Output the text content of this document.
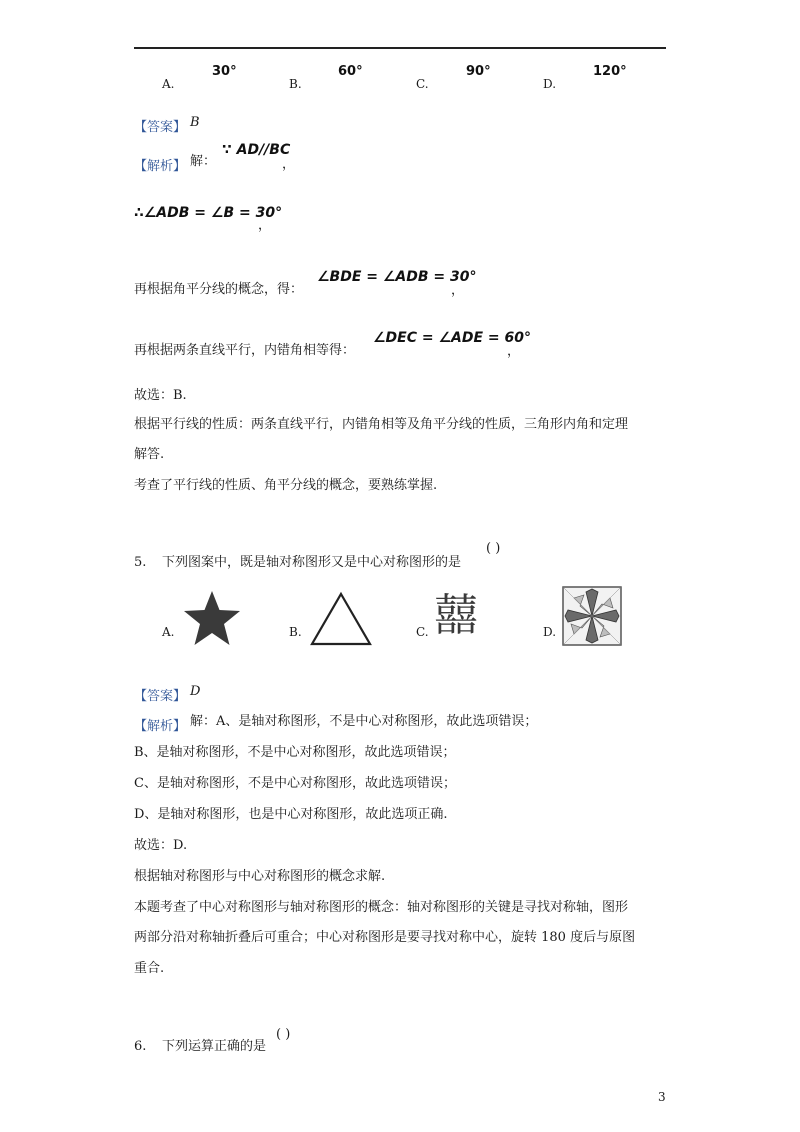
A.
30°
B.
60°
C.
90°
D.
120°
【答案】 B
【解析】 解：
∵ AD//BC
，
∴∠ADB = ∠B = 30°
，
再根据角平分线的概念，得：
∠BDE = ∠ADB = 30°
，
再根据两条直线平行，内错角相等得：
∠DEC = ∠ADE = 60°
，
故选：B.
根据平行线的性质：两条直线平行，内错角相等及角平分线的性质，三角形内角和定理
解答.
考查了平行线的性质、角平分线的概念，要熟练掌握.
5. 下列图案中，既是轴对称图形又是中心对称图形的是
( )
A.	B.	C. 囍	D.
【答案】 D
【解析】 解：A、是轴对称图形，不是中心对称图形，故此选项错误；
B、是轴对称图形，不是中心对称图形，故此选项错误；
C、是轴对称图形，不是中心对称图形，故此选项错误；
D、是轴对称图形，也是中心对称图形，故此选项正确.
故选：D.
根据轴对称图形与中心对称图形的概念求解.
本题考查了中心对称图形与轴对称图形的概念：轴对称图形的关键是寻找对称轴，图形
两部分沿对称轴折叠后可重合；中心对称图形是要寻找对称中心，旋转 180 度后与原图
重合.
6. 下列运算正确的是
( )
3
